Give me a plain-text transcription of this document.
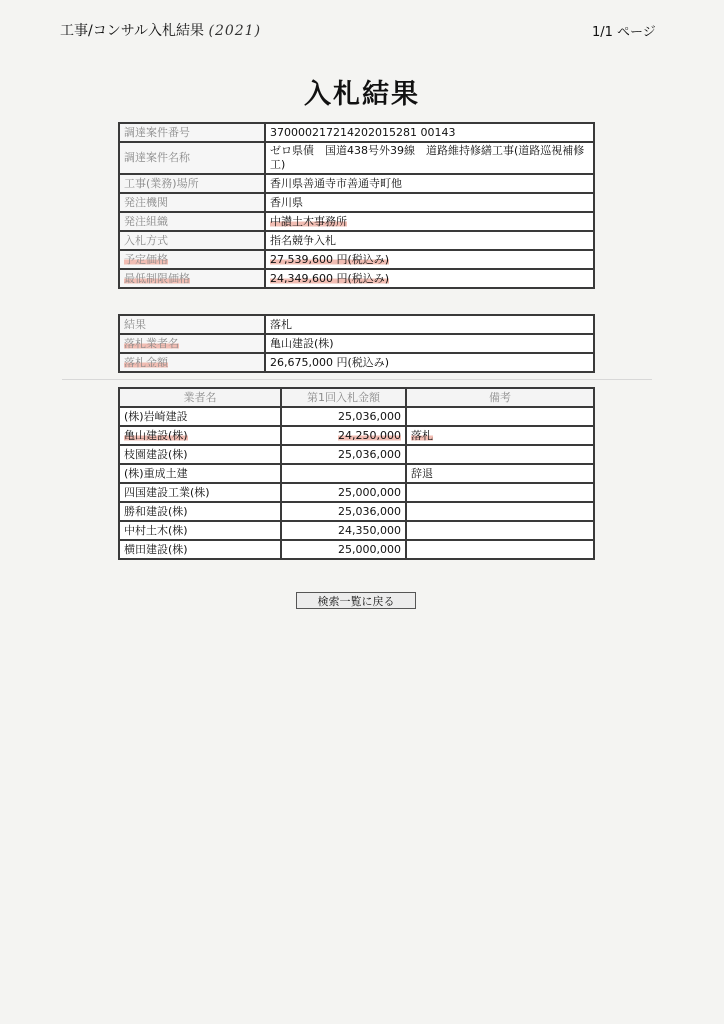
工事/コンサル入札結果 (2021)	1/1 ページ
入札結果
調達案件番号	370000217214202015281 00143
調達案件名称	ゼロ県債　国道438号外39線　道路維持修繕工事(道路巡視補修工)
工事(業務)場所	香川県善通寺市善通寺町他
発注機関	香川県
発注組織	中讃土木事務所
入札方式	指名競争入札
予定価格	27,539,600 円(税込み)
最低制限価格	24,349,600 円(税込み)
結果	落札
落札業者名	亀山建設(株)
落札金額	26,675,000 円(税込み)
業者名	第1回入札金額	備考
(株)岩崎建設	25,036,000	
亀山建設(株)	24,250,000	落札
枝園建設(株)	25,036,000	
(株)重成土建		辞退
四国建設工業(株)	25,000,000	
勝和建設(株)	25,036,000	
中村土木(株)	24,350,000	
横田建設(株)	25,000,000	
検索一覧に戻る
